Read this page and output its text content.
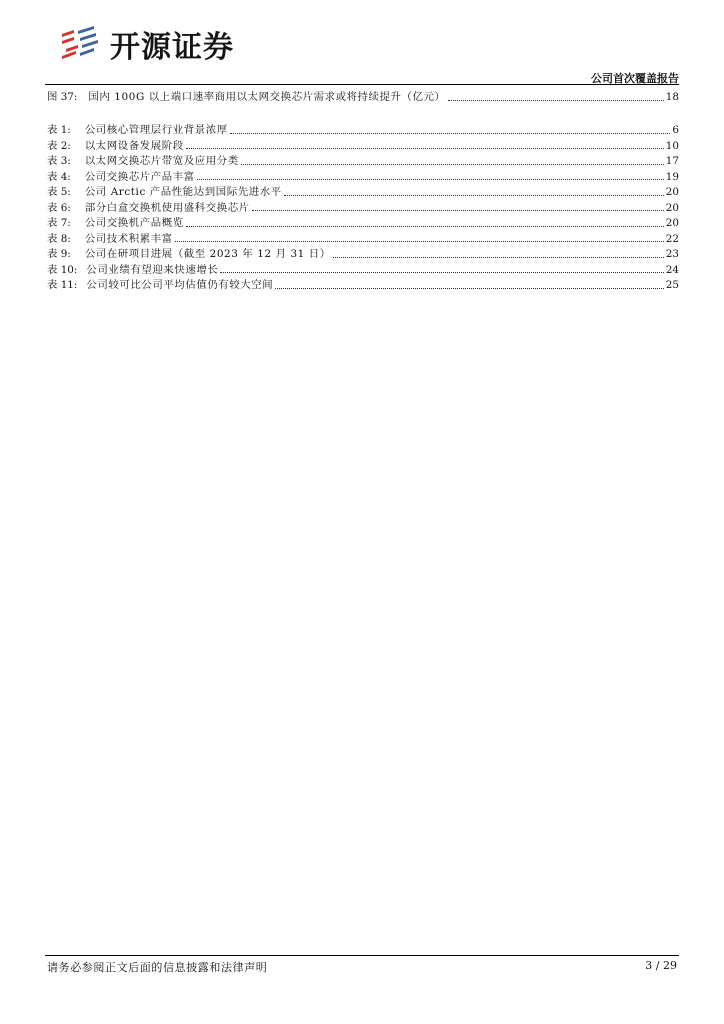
开源证券
公司首次覆盖报告
图 37: 国内 100G 以上端口速率商用以太网交换芯片需求或将持续提升（亿元）	18
表 1: 公司核心管理层行业背景浓厚	6
表 2: 以太网设备发展阶段	10
表 3: 以太网交换芯片带宽及应用分类	17
表 4: 公司交换芯片产品丰富	19
表 5: 公司 Arctic 产品性能达到国际先进水平	20
表 6: 部分白盒交换机使用盛科交换芯片	20
表 7: 公司交换机产品概览	20
表 8: 公司技术积累丰富	22
表 9: 公司在研项目进展（截至 2023 年 12 月 31 日）	23
表 10: 公司业绩有望迎来快速增长	24
表 11: 公司较可比公司平均估值仍有较大空间	25
请务必参阅正文后面的信息披露和法律声明	3 / 29
